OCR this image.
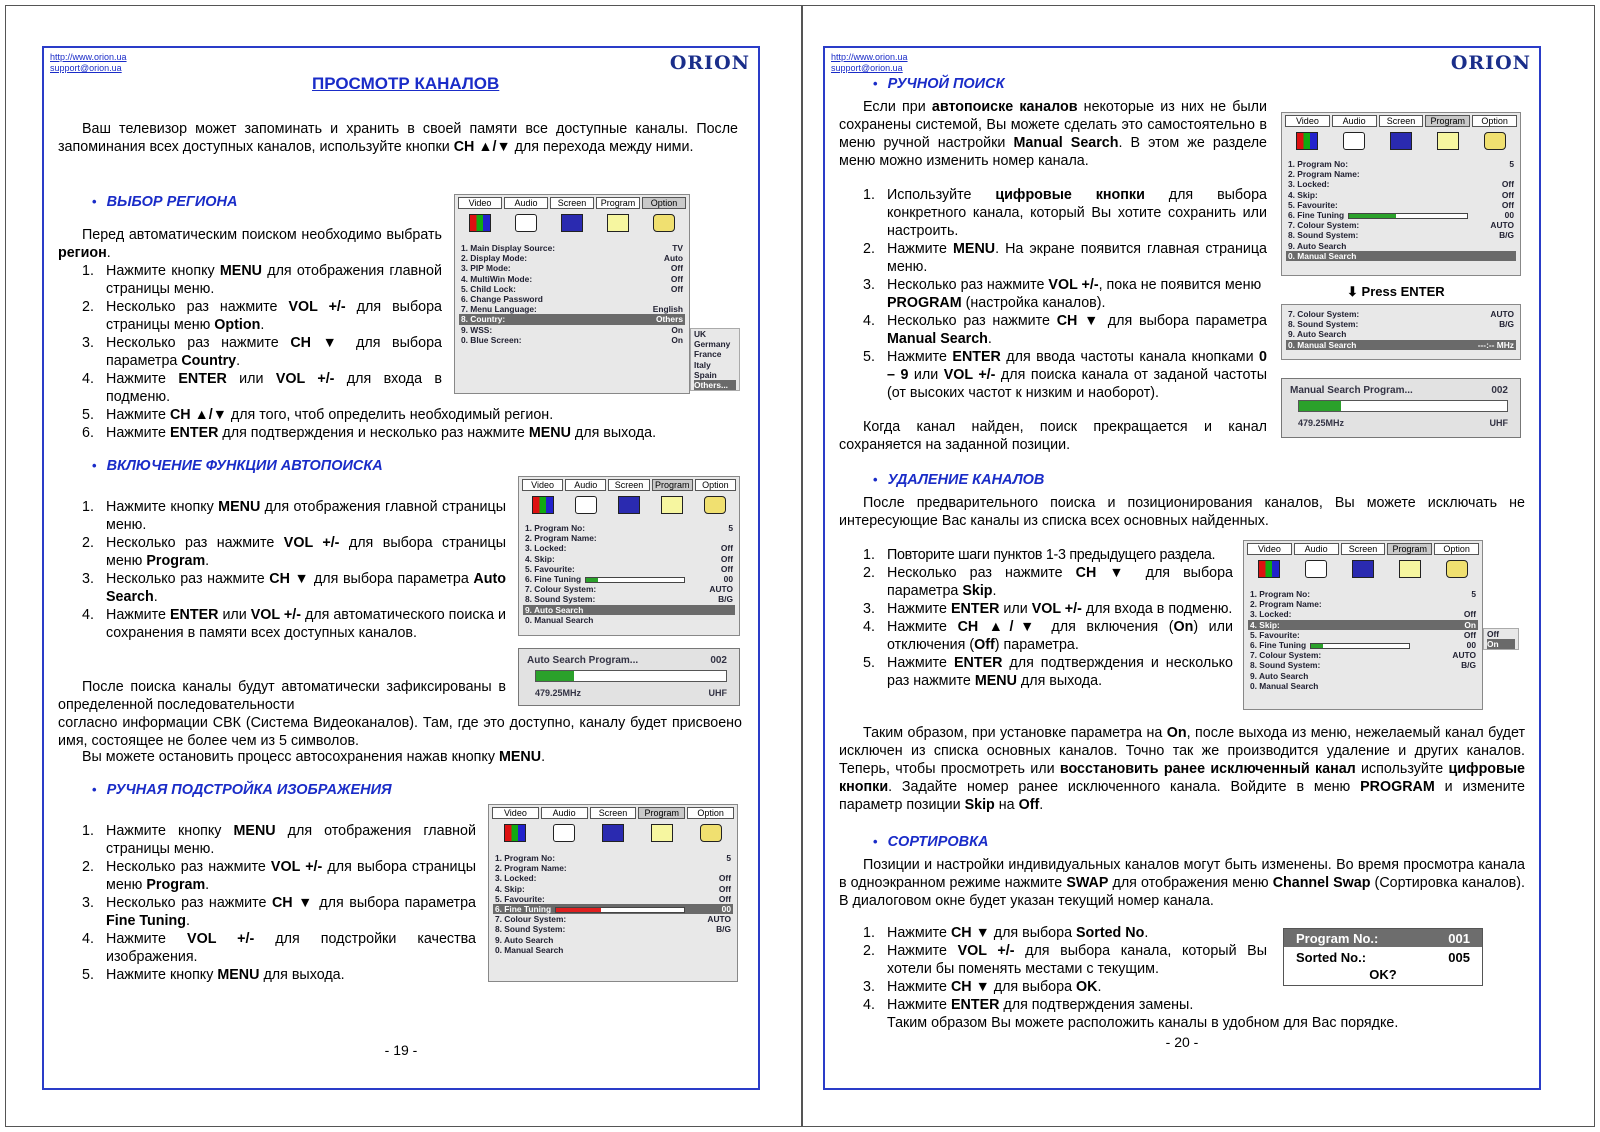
http://www.orion.ua
support@orion.ua	ORION
ПРОСМОТР КАНАЛОВ
Ваш телевизор может запоминать и хранить в своей памяти все доступные каналы. После запоминания всех доступных каналов, используйте кнопки CH ▲/▼ для перехода между ними.
• ВЫБОР РЕГИОНА
Перед автоматическим поиском необходимо выбрать регион.
1. Нажмите кнопку MENU для отображения главной страницы меню.
2. Несколько раз нажмите VOL +/- для выбора страницы меню Option.
3. Несколько раз нажмите CH ▼ для выбора параметра Country.
4. Нажмите ENTER или VOL +/- для входа в подменю.
5. Нажмите CH ▲/▼ для того, чтоб определить необходимый регион.
6. Нажмите ENTER для подтверждения и несколько раз нажмите MENU для выхода.
Video	Audio	Screen	Program	Option
1. Main Display Source:	TV
2. Display Mode:	Auto
3. PIP Mode:	Off
4. MultiWin Mode:	Off
5. Child Lock:	Off
6. Change Password
7. Menu Language:	English
8. Country:	Others
9. WSS:	On
0. Blue Screen:	On
UK
Germany
France
Italy
Spain
Others...
• ВКЛЮЧЕНИЕ ФУНКЦИИ АВТОПОИСКА
1. Нажмите кнопку MENU для отображения главной страницы меню.
2. Несколько раз нажмите VOL +/- для выбора страницы меню Program.
3. Несколько раз нажмите CH ▼ для выбора параметра Auto Search.
4. Нажмите ENTER или VOL +/- для автоматического поиска и сохранения в памяти всех доступных каналов.
После поиска каналы будут автоматически зафиксированы в определенной последовательности
согласно информации СВК (Система Видеоканалов). Там, где это доступно, каналу будет присвоено имя, состоящее не более чем из 5 символов.
Вы можете остановить процесс автосохранения нажав кнопку MENU.
Video	Audio	Screen	Program	Option
1. Program No:	5
2. Program Name:
3. Locked:	Off
4. Skip:	Off
5. Favourite:	Off
6. Fine Tuning	00
7. Colour System:	AUTO
8. Sound System:	B/G
9. Auto Search
0. Manual Search
Auto Search Program...	002
479.25MHz	UHF
• РУЧНАЯ ПОДСТРОЙКА ИЗОБРАЖЕНИЯ
1. Нажмите кнопку MENU для отображения главной страницы меню.
2. Несколько раз нажмите VOL +/- для выбора страницы меню Program.
3. Несколько раз нажмите CH ▼ для выбора параметра Fine Tuning.
4. Нажмите VOL +/- для подстройки качества изображения.
5. Нажмите кнопку MENU для выхода.
Video	Audio	Screen	Program	Option
1. Program No:	5
2. Program Name:
3. Locked:	Off
4. Skip:	Off
5. Favourite:	Off
6. Fine Tuning	00
7. Colour System:	AUTO
8. Sound System:	B/G
9. Auto Search
0. Manual Search
- 19 -
http://www.orion.ua
support@orion.ua	ORION
• РУЧНОЙ ПОИСК
Если при автопоиске каналов некоторые из них не были сохранены системой, Вы можете сделать это самостоятельно в меню ручной настройки Manual Search. В этом же разделе меню можно изменить номер канала.
1. Используйте цифровые кнопки для выбора конкретного канала, который Вы хотите сохранить или настроить.
2. Нажмите MENU. На экране появится главная страница меню.
3. Несколько раз нажмите VOL +/-, пока не появится меню PROGRAM (настройка каналов).
4. Несколько раз нажмите CH ▼ для выбора параметра Manual Search.
5. Нажмите ENTER для ввода частоты канала кнопками 0 – 9 или VOL +/- для поиска канала от заданой частоты (от высоких частот к низким и наоборот).
Когда канал найден, поиск прекращается и канал сохраняется на заданной позиции.
Video	Audio	Screen	Program	Option
1. Program No:	5
2. Program Name:
3. Locked:	Off
4. Skip:	Off
5. Favourite:	Off
6. Fine Tuning	00
7. Colour System:	AUTO
8. Sound System:	B/G
9. Auto Search
0. Manual Search
⬇ Press ENTER
7. Colour System:	AUTO
8. Sound System:	B/G
9. Auto Search
0. Manual Search	---:-- MHz
Manual Search Program...	002
479.25MHz	UHF
• УДАЛЕНИЕ КАНАЛОВ
После предварительного поиска и позиционирования каналов, Вы можете исключать не интересующие Вас каналы из списка всех основных найденных.
1. Повторите шаги пунктов 1-3 предыдущего раздела.
2. Несколько раз нажмите CH ▼ для выбора параметра Skip.
3. Нажмите ENTER или VOL +/- для входа в подменю.
4. Нажмите CH ▲/▼ для включения (On) или отключения (Off) параметра.
5. Нажмите ENTER для подтверждения и несколько раз нажмите MENU для выхода.
Video	Audio	Screen	Program	Option
1. Program No:	5
2. Program Name:
3. Locked:	Off
4. Skip:	On
5. Favourite:	Off
6. Fine Tuning	00
7. Colour System:	AUTO
8. Sound System:	B/G
9. Auto Search
0. Manual Search
Off
On
Таким образом, при установке параметра на On, после выхода из меню, нежелаемый канал будет исключен из списка основных каналов. Точно так же производится удаление и других каналов. Теперь, чтобы просмотреть или восстановить ранее исключенный канал используйте цифровые кнопки. Задайте номер ранее исключенного канала. Войдите в меню PROGRAM и измените параметр позиции Skip на Off.
• СОРТИРОВКА
Позиции и настройки индивидуальных каналов могут быть изменены. Во время просмотра канала в одноэкранном режиме нажмите SWAP для отображения меню Channel Swap (Сортировка каналов). В диалоговом окне будет указан текущий номер канала.
1. Нажмите CH ▼ для выбора Sorted No.
2. Нажмите VOL +/- для выбора канала, который Вы хотели бы поменять местами с текущим.
3. Нажмите CH ▼ для выбора OK.
4. Нажмите ENTER для подтверждения замены.
Таким образом Вы можете расположить каналы в удобном для Вас порядке.
Program No.:	001
Sorted No.:	005
OK?
- 20 -
